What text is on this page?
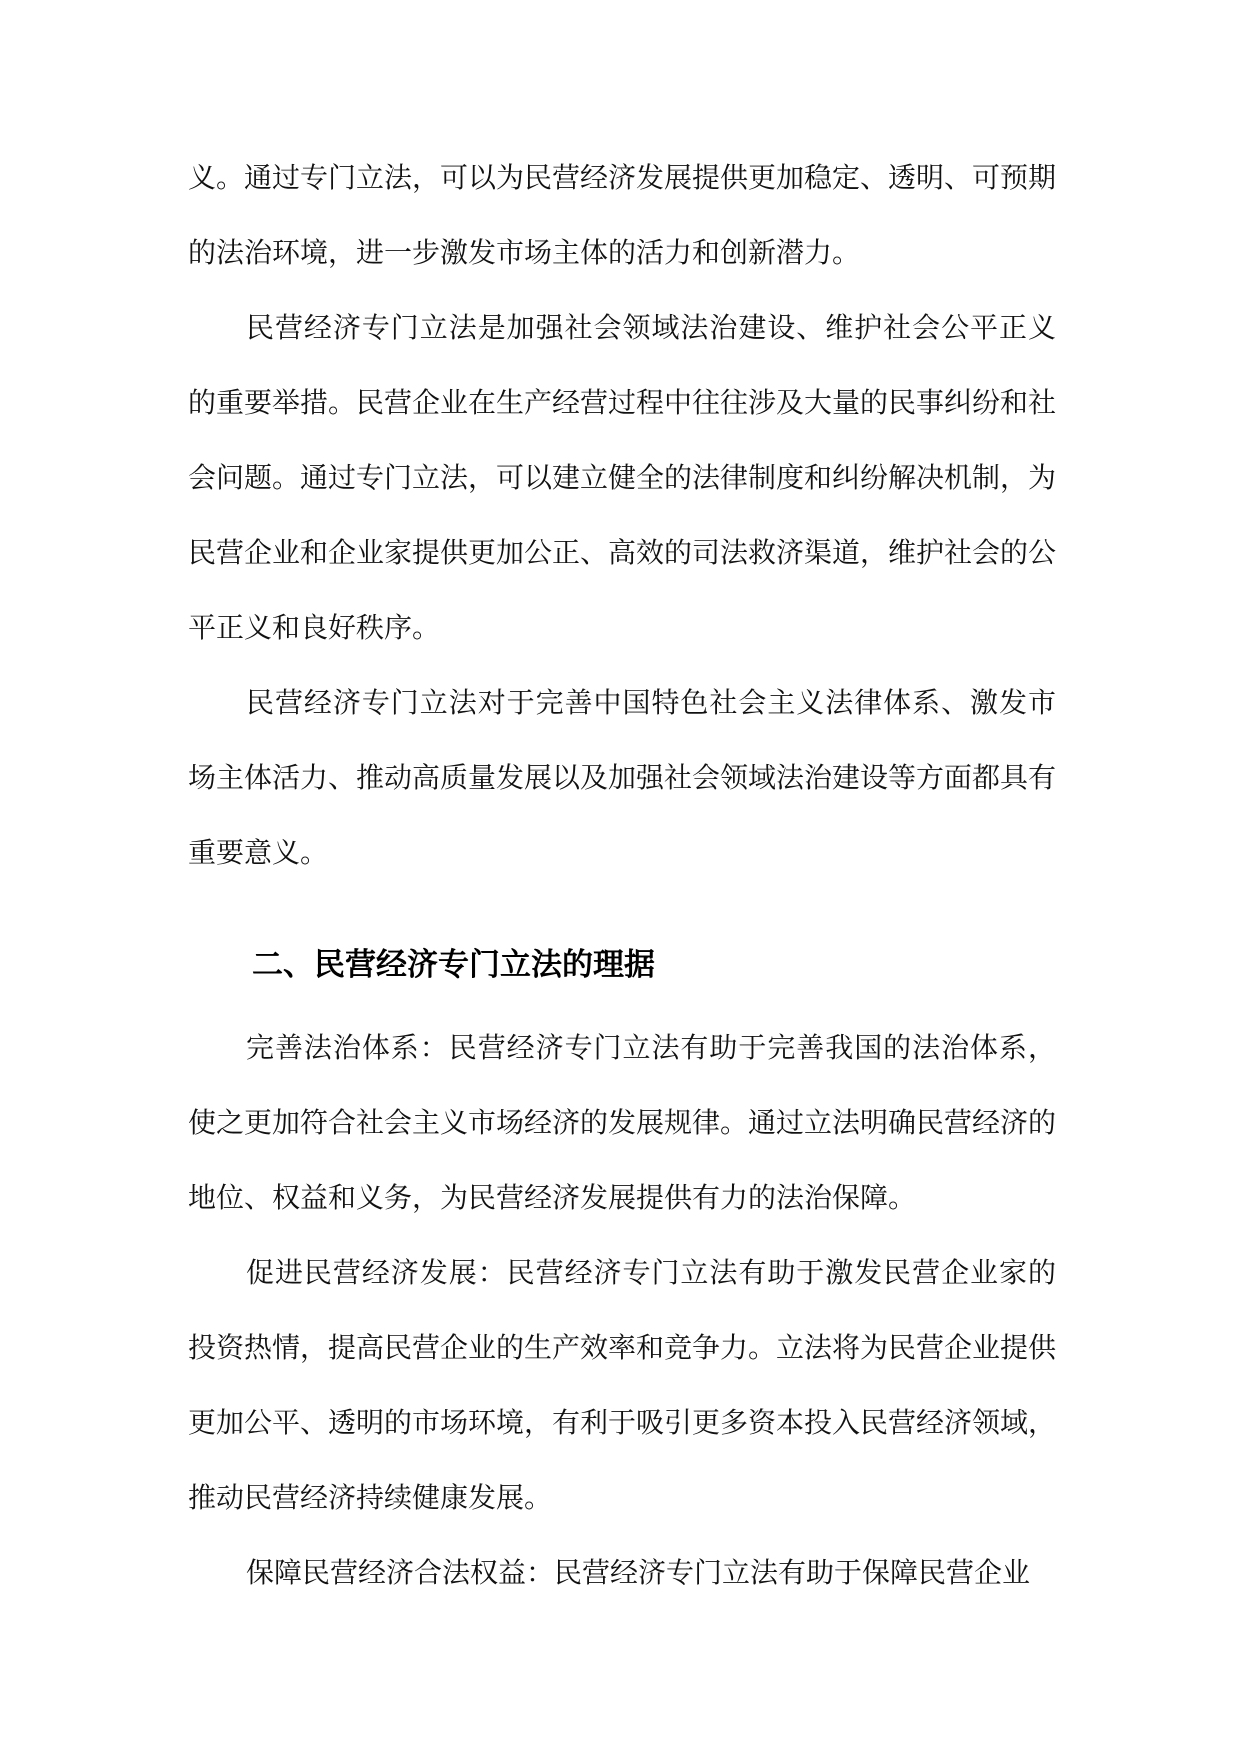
义。通过专门立法，可以为民营经济发展提供更加稳定、透明、可预期的法治环境，进一步激发市场主体的活力和创新潜力。

民营经济专门立法是加强社会领域法治建设、维护社会公平正义的重要举措。民营企业在生产经营过程中往往涉及大量的民事纠纷和社会问题。通过专门立法，可以建立健全的法律制度和纠纷解决机制，为民营企业和企业家提供更加公正、高效的司法救济渠道，维护社会的公平正义和良好秩序。

民营经济专门立法对于完善中国特色社会主义法律体系、激发市场主体活力、推动高质量发展以及加强社会领域法治建设等方面都具有重要意义。

二、民营经济专门立法的理据

完善法治体系：民营经济专门立法有助于完善我国的法治体系，使之更加符合社会主义市场经济的发展规律。通过立法明确民营经济的地位、权益和义务，为民营经济发展提供有力的法治保障。

促进民营经济发展：民营经济专门立法有助于激发民营企业家的投资热情，提高民营企业的生产效率和竞争力。立法将为民营企业提供更加公平、透明的市场环境，有利于吸引更多资本投入民营经济领域，推动民营经济持续健康发展。

保障民营经济合法权益：民营经济专门立法有助于保障民营企业
